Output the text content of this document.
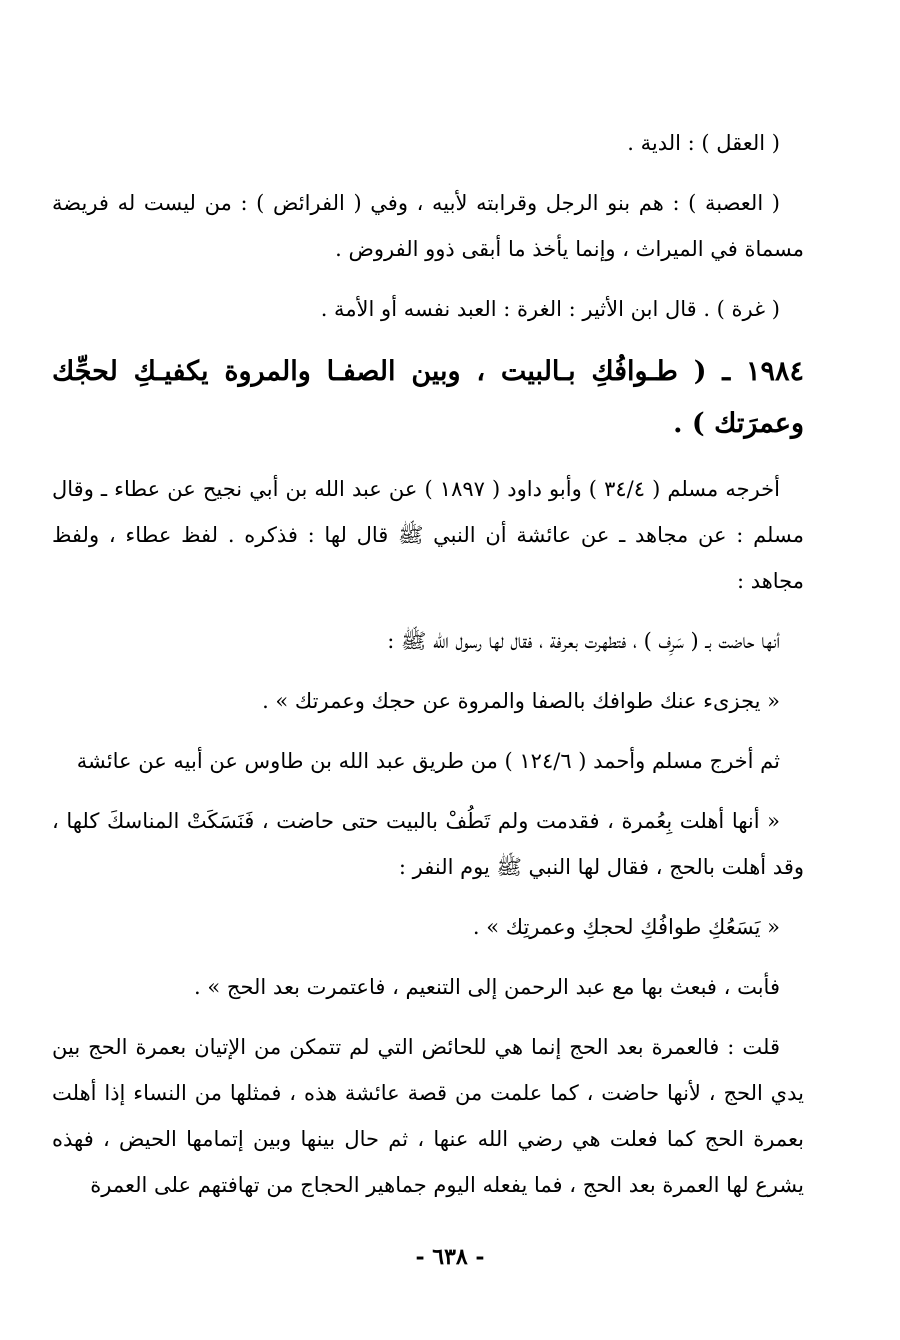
( العقل ) : الدية .

( العصبة ) : هم بنو الرجل وقرابته لأبيه ، وفي ( الفرائض ) : من ليست له فريضة مسماة في الميراث ، وإنما يأخذ ما أبقى ذوو الفروض .

( غرة ) . قال ابن الأثير : الغرة : العبد نفسه أو الأمة .

١٩٨٤ ـ ( طـوافُكِ بـالبيت ، وبين الصفـا والمروة يكفيـكِ لحجِّك وعمرَتك ) .

أخرجه مسلم ( ٣٤/٤ ) وأبو داود ( ١٨٩٧ ) عن عبد الله بن أبي نجيح عن عطاء ـ وقال مسلم : عن مجاهد ـ عن عائشة أن النبي ﷺ قال لها : فذكره . لفظ عطاء ، ولفظ مجاهد :

أنها حاضت بـ ( سَرِف ) ، فتطهرت بعرفة ، فقال لها رسول الله ﷺ :

« يجزىء عنك طوافك بالصفا والمروة عن حجك وعمرتك » .

ثم أخرج مسلم وأحمد ( ١٢٤/٦ ) من طريق عبد الله بن طاوس عن أبيه عن عائشة

« أنها أهلت بِعُمرة ، فقدمت ولم تَطُفْ بالبيت حتى حاضت ، فَنَسَكَتْ المناسكَ كلها ، وقد أهلت بالحج ، فقال لها النبي ﷺ يوم النفر :

« يَسَعُكِ طوافُكِ لحجكِ وعمرتِك » .

فأبت ، فبعث بها مع عبد الرحمن إلى التنعيم ، فاعتمرت بعد الحج » .

قلت : فالعمرة بعد الحج إنما هي للحائض التي لم تتمكن من الإتيان بعمرة الحج بين يدي الحج ، لأنها حاضت ، كما علمت من قصة عائشة هذه ، فمثلها من النساء إذا أهلت بعمرة الحج كما فعلت هي رضي الله عنها ، ثم حال بينها وبين إتمامها الحيض ، فهذه يشرع لها العمرة بعد الحج ، فما يفعله اليوم جماهير الحجاج من تهافتهم على العمرة

- ٦٣٨ -
